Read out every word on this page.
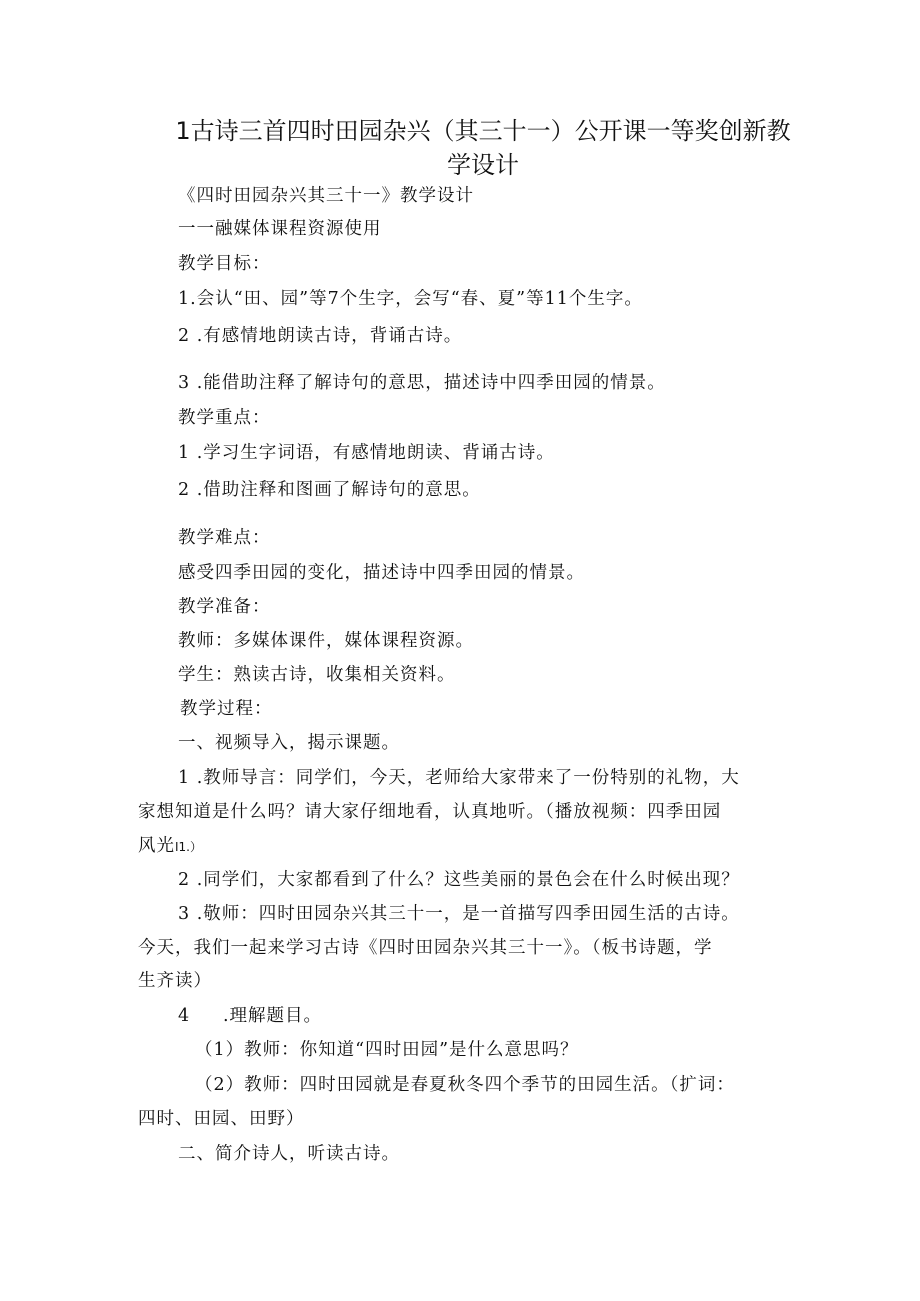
1古诗三首四时田园杂兴（其三十一）公开课一等奖创新教
学设计
《四时田园杂兴其三十一》教学设计
一一融媒体课程资源使用
教学目标：
1.会认“田、园”等7个生字，会写“春、夏”等11个生字。
2 .有感情地朗读古诗，背诵古诗。
3 .能借助注释了解诗句的意思，描述诗中四季田园的情景。
教学重点：
1 .学习生字词语，有感情地朗读、背诵古诗。
2 .借助注释和图画了解诗句的意思。
教学难点：
感受四季田园的变化，描述诗中四季田园的情景。
教学准备：
教师：多媒体课件，媒体课程资源。
学生：熟读古诗，收集相关资料。
教学过程：
一、视频导入，揭示课题。
1 .教师导言：同学们，今天，老师给大家带来了一份特别的礼物，大
家想知道是什么吗？请大家仔细地看，认真地听。（播放视频：四季田园
风光I1.）
2 .同学们，大家都看到了什么？这些美丽的景色会在什么时候出现？
3 .敬师：四时田园杂兴其三十一，是一首描写四季田园生活的古诗。
今天，我们一起来学习古诗《四时田园杂兴其三十一》。（板书诗题，学
生齐读）
4     .理解题目。
（1）教师：你知道“四时田园”是什么意思吗？
（2）教师：四时田园就是春夏秋冬四个季节的田园生活。（扩词：
四时、田园、田野）
二、简介诗人，听读古诗。
